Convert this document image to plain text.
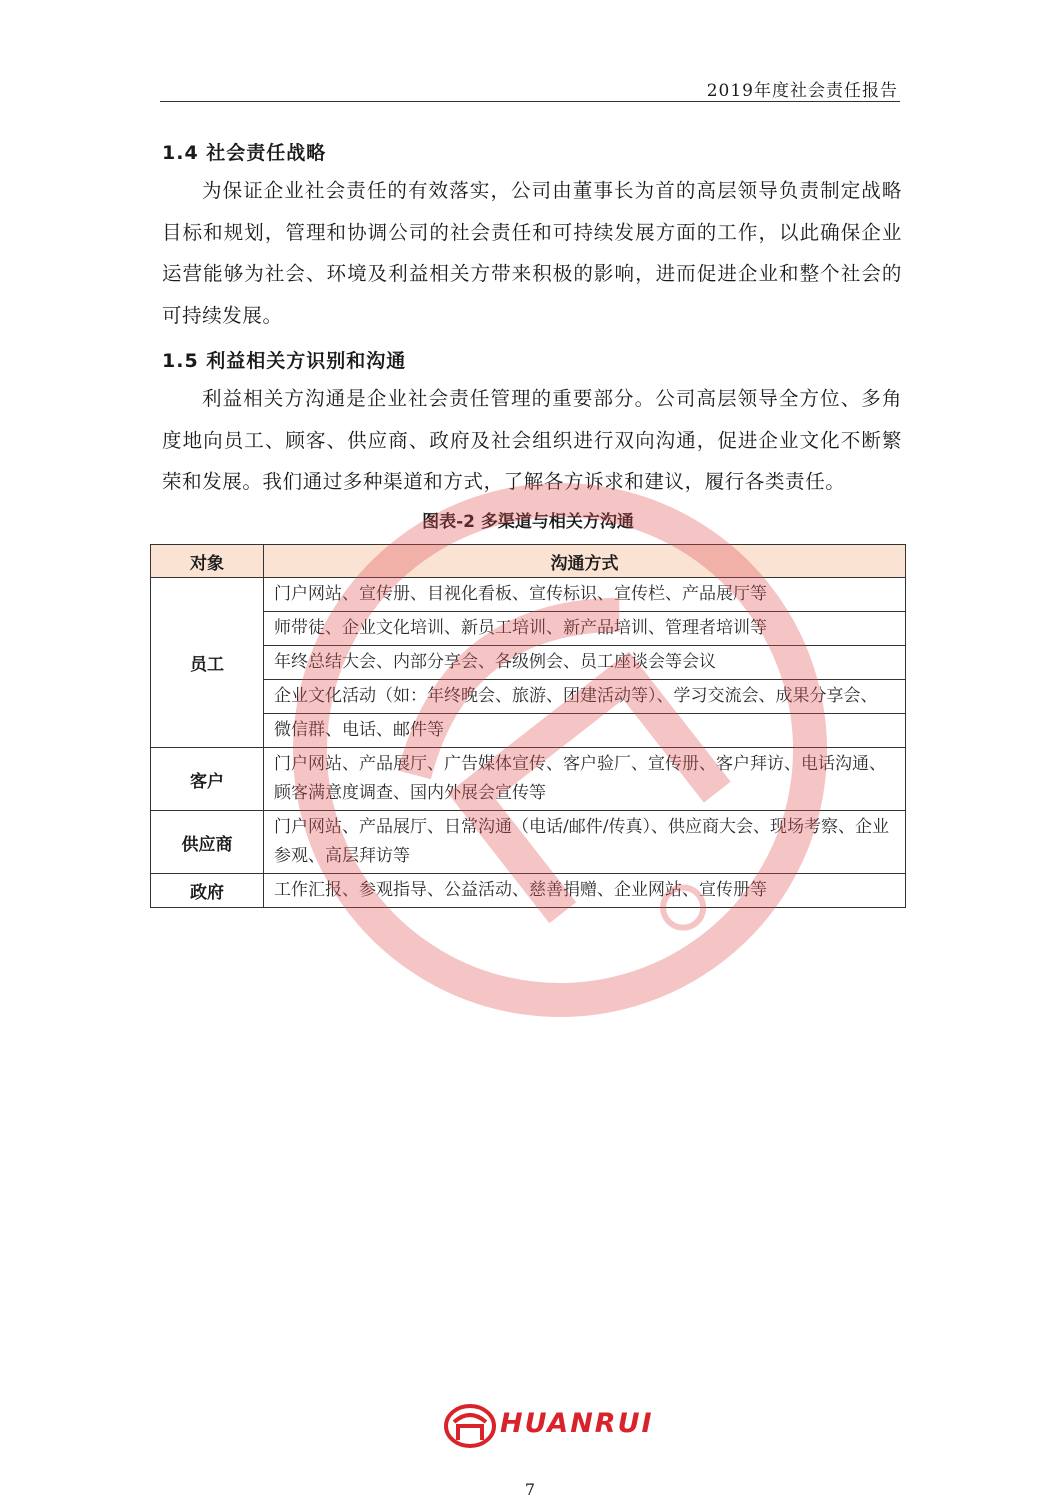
2019年度社会责任报告
1.4 社会责任战略
为保证企业社会责任的有效落实，公司由董事长为首的高层领导负责制定战略目标和规划，管理和协调公司的社会责任和可持续发展方面的工作，以此确保企业运营能够为社会、环境及利益相关方带来积极的影响，进而促进企业和整个社会的可持续发展。
1.5 利益相关方识别和沟通
利益相关方沟通是企业社会责任管理的重要部分。公司高层领导全方位、多角度地向员工、顾客、供应商、政府及社会组织进行双向沟通，促进企业文化不断繁荣和发展。我们通过多种渠道和方式，了解各方诉求和建议，履行各类责任。
图表-2 多渠道与相关方沟通
对象	沟通方式
员工	门户网站、宣传册、目视化看板、宣传标识、宣传栏、产品展厅等
	师带徒、企业文化培训、新员工培训、新产品培训、管理者培训等
	年终总结大会、内部分享会、各级例会、员工座谈会等会议
	企业文化活动（如：年终晚会、旅游、团建活动等）、学习交流会、成果分享会、
	微信群、电话、邮件等
客户	门户网站、产品展厅、广告媒体宣传、客户验厂、宣传册、客户拜访、电话沟通、顾客满意度调查、国内外展会宣传等
供应商	门户网站、产品展厅、日常沟通（电话/邮件/传真）、供应商大会、现场考察、企业参观、高层拜访等
政府	工作汇报、参观指导、公益活动、慈善捐赠、企业网站、宣传册等
HUANRUI
7
